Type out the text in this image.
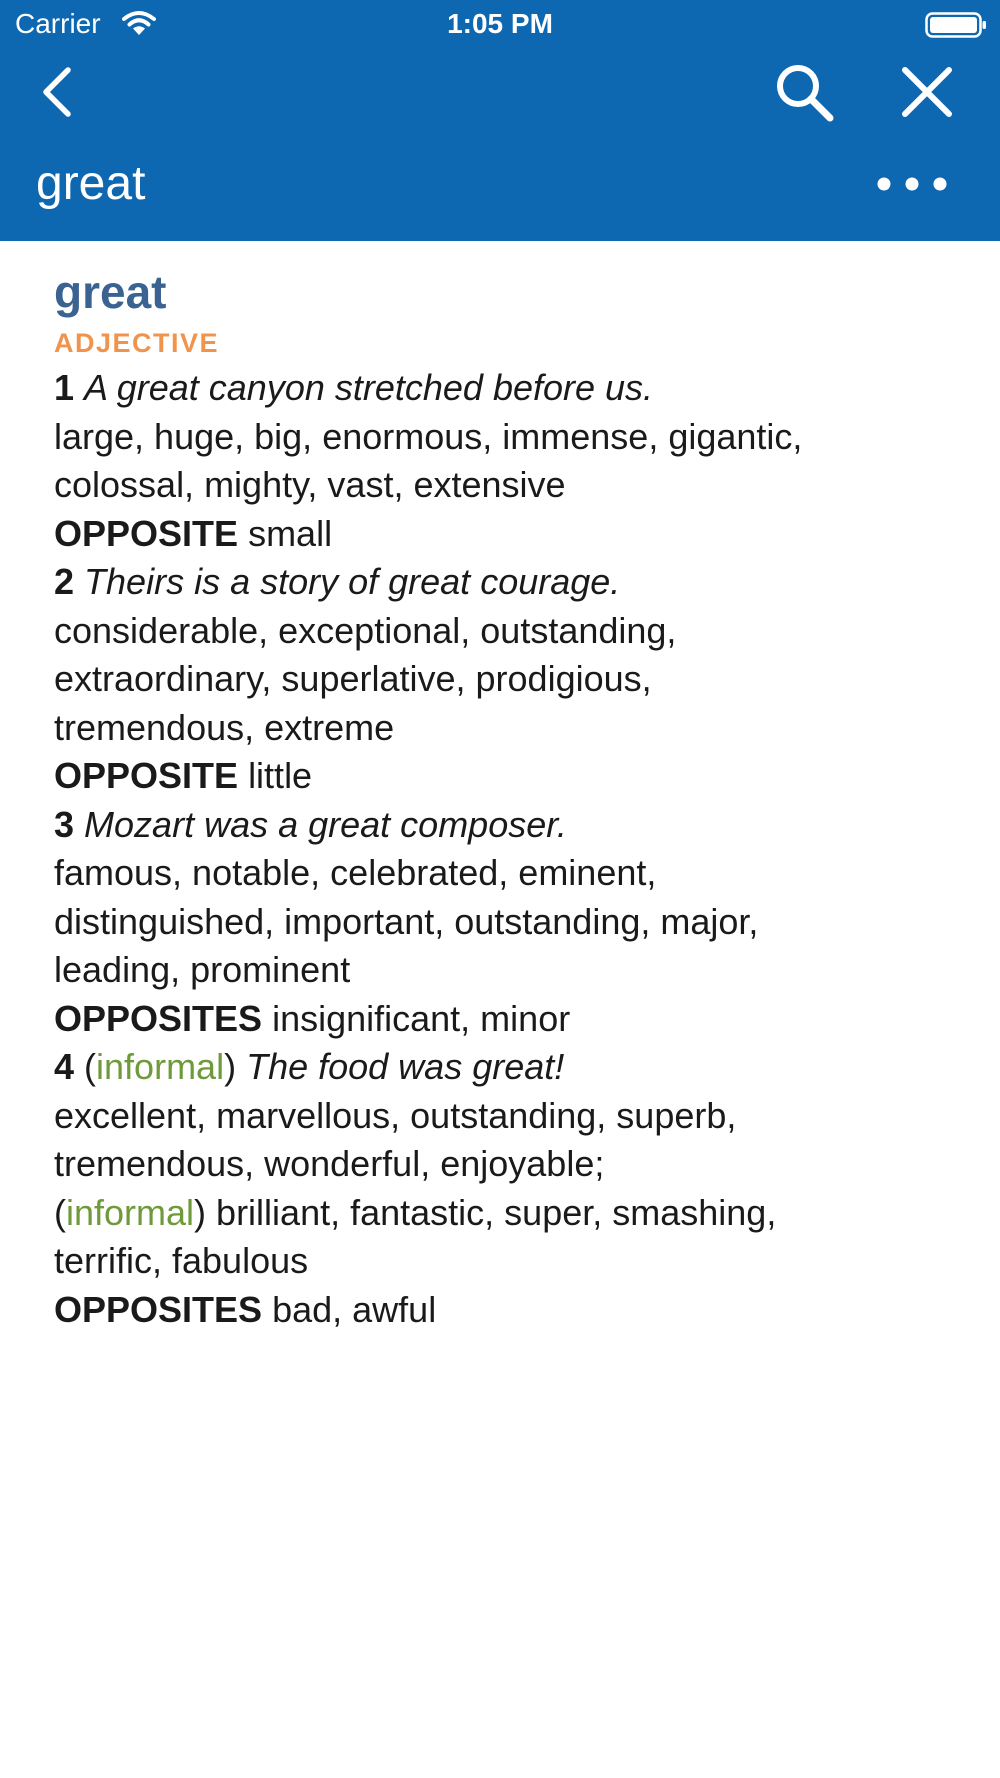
Carrier	1:05 PM
great
great
ADJECTIVE
1 A great canyon stretched before us.
large, huge, big, enormous, immense, gigantic,
colossal, mighty, vast, extensive
OPPOSITE small
2 Theirs is a story of great courage.
considerable, exceptional, outstanding,
extraordinary, superlative, prodigious,
tremendous, extreme
OPPOSITE little
3 Mozart was a great composer.
famous, notable, celebrated, eminent,
distinguished, important, outstanding, major,
leading, prominent
OPPOSITES insignificant, minor
4 (informal) The food was great!
excellent, marvellous, outstanding, superb,
tremendous, wonderful, enjoyable;
(informal) brilliant, fantastic, super, smashing,
terrific, fabulous
OPPOSITES bad, awful
